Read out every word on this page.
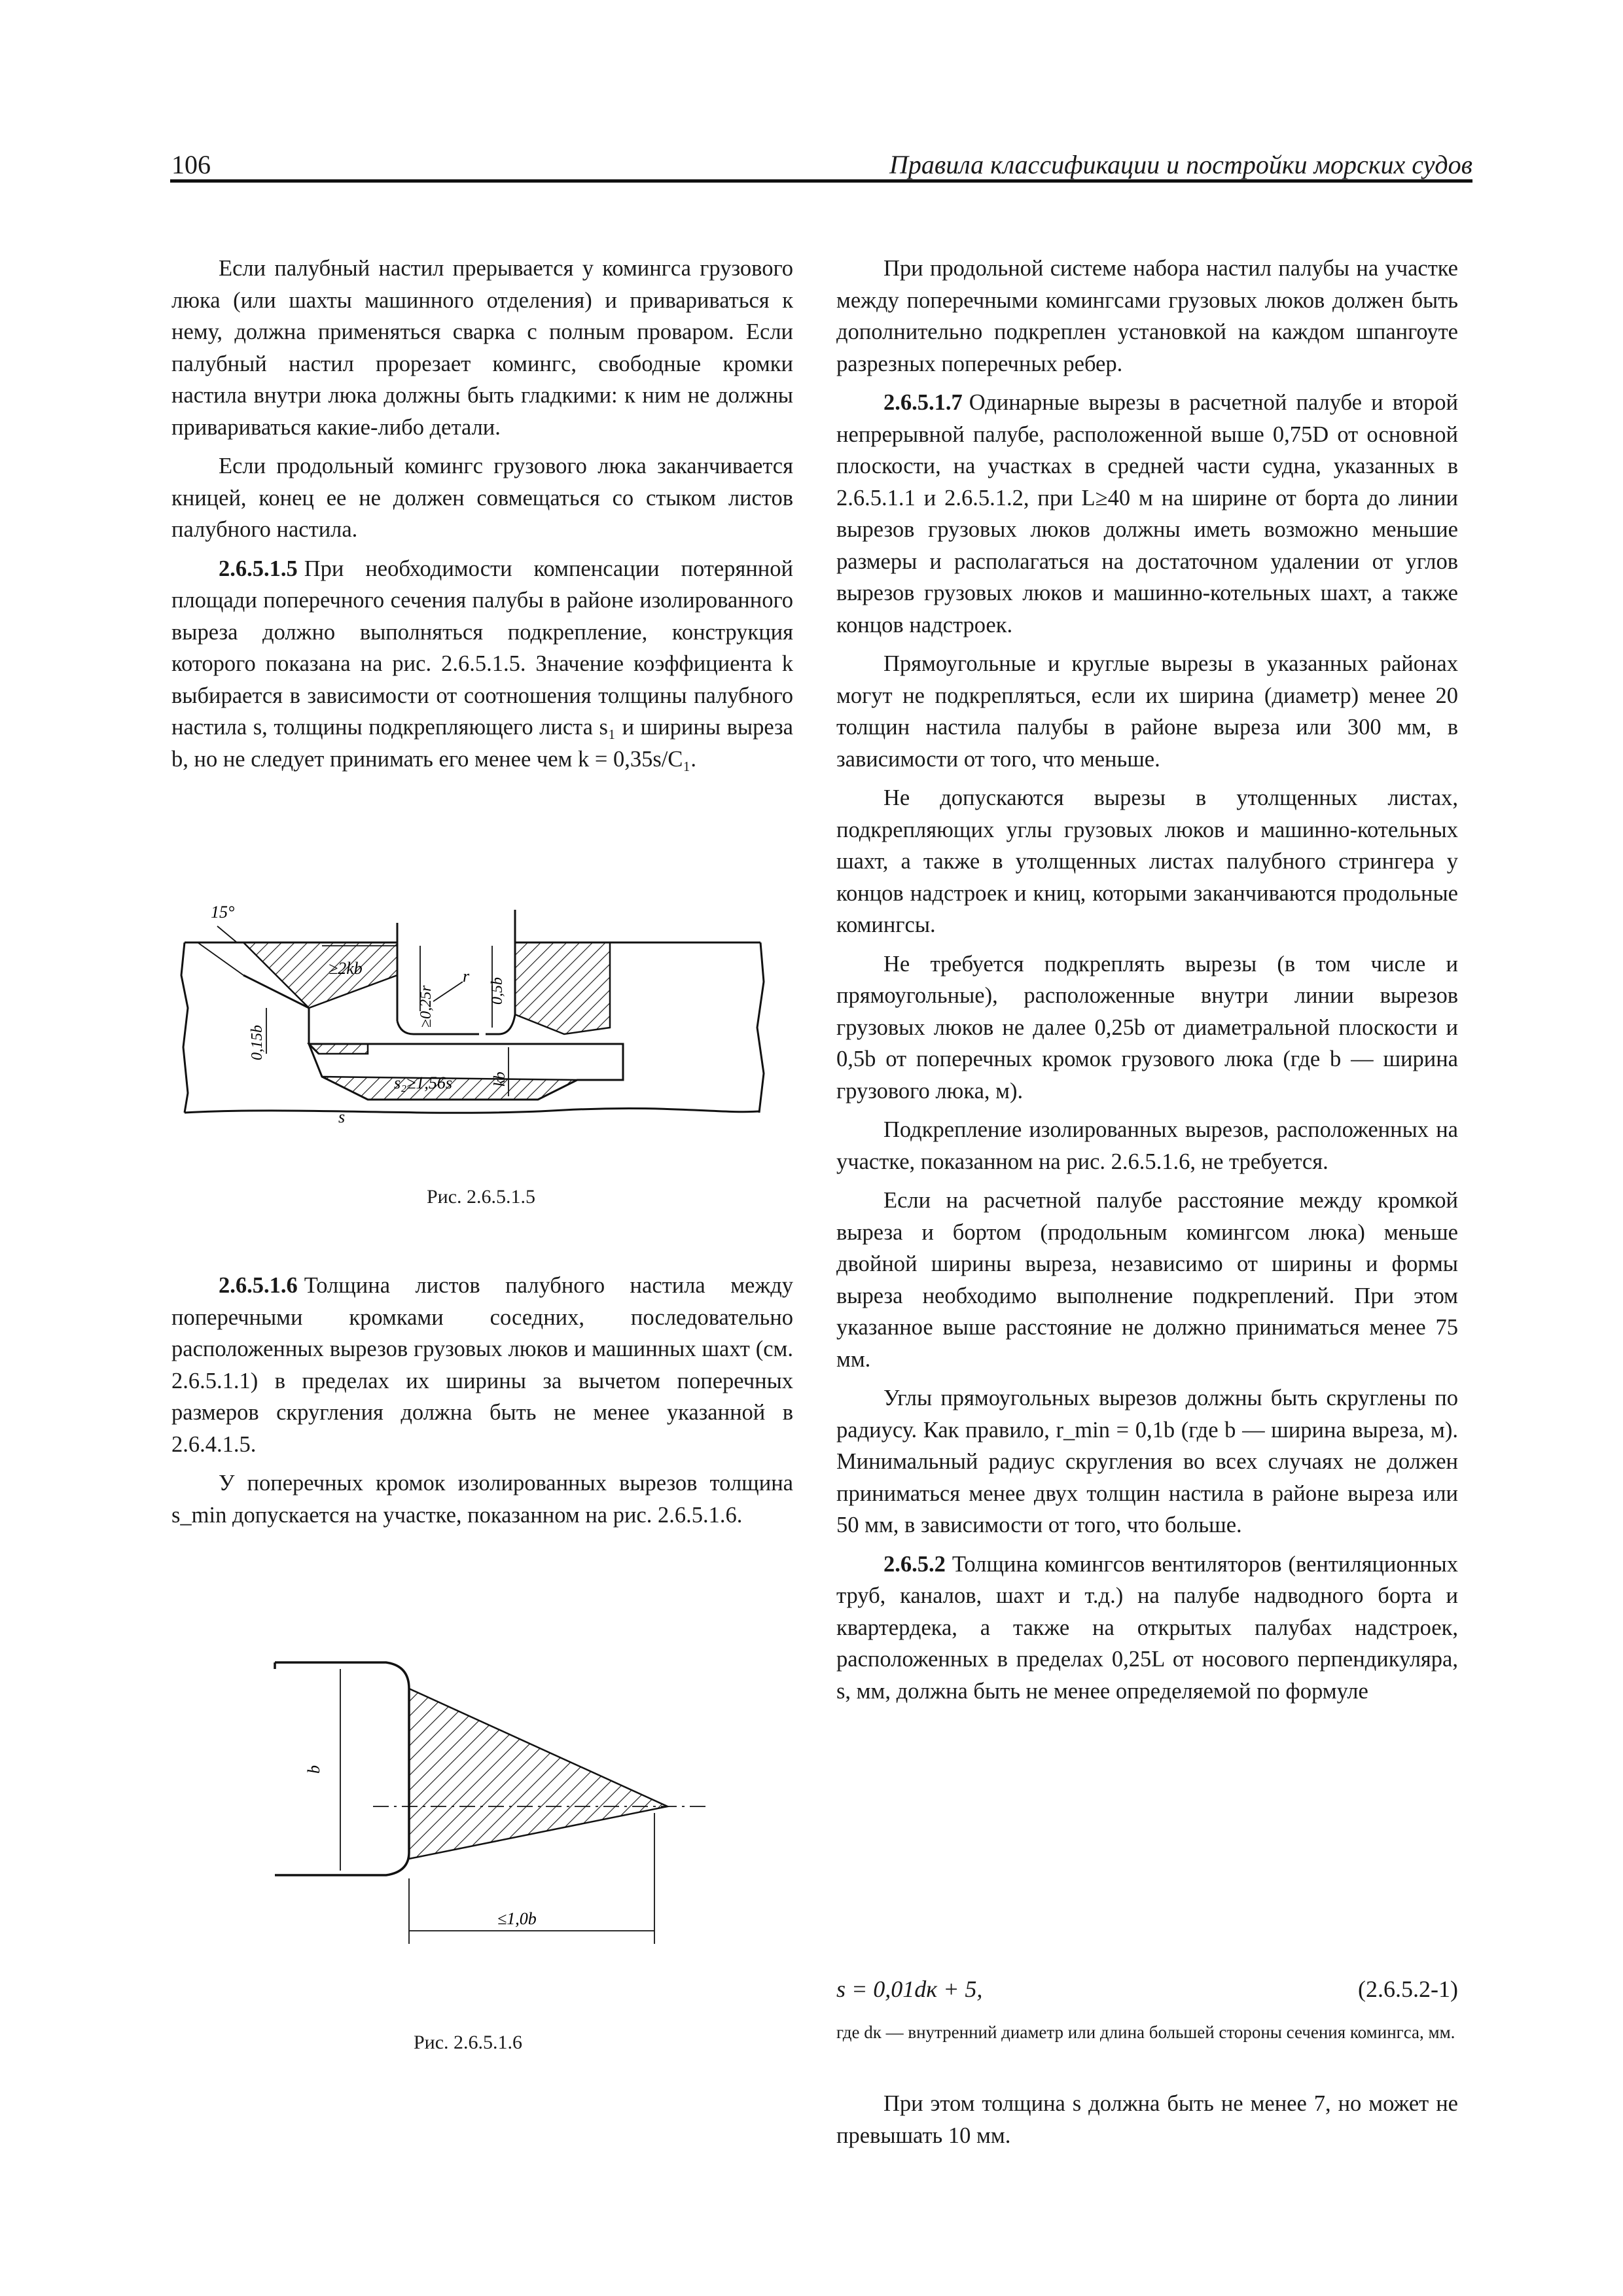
106	Правила классификации и постройки морских судов

Если палубный настил прерывается у комингса грузового люка (или шахты машинного отделения) и привариваться к нему, должна применяться сварка с полным проваром. Если палубный настил прорезает комингс, свободные кромки настила внутри люка должны быть гладкими: к ним не должны привариваться какие-либо детали.

Если продольный комингс грузового люка заканчивается кницей, конец ее не должен совмещаться со стыком листов палубного настила.

2.6.5.1.5 При необходимости компенсации потерянной площади поперечного сечения палубы в районе изолированного выреза должно выполняться подкрепление, конструкция которого показана на рис. 2.6.5.1.5. Значение коэффициента k выбирается в зависимости от соотношения толщины палубного настила s, толщины подкрепляющего листа s₁ и ширины выреза b, но не следует принимать его менее чем k = 0,35s/C₁.

15°
≥2kb
≥0,25r
r
0,5b
0,15b
s₂≥1,56s kb
s
Рис. 2.6.5.1.5

2.6.5.1.6 Толщина листов палубного настила между поперечными кромками соседних, последовательно расположенных вырезов грузовых люков и машинных шахт (см. 2.6.5.1.1) в пределах их ширины за вычетом поперечных размеров скругления должна быть не менее указанной в 2.6.4.1.5.

У поперечных кромок изолированных вырезов толщина s_min допускается на участке, показанном на рис. 2.6.5.1.6.

b
≤1,0b
Рис. 2.6.5.1.6

При продольной системе набора настил палубы на участке между поперечными комингсами грузовых люков должен быть дополнительно подкреплен установкой на каждом шпангоуте разрезных поперечных ребер.

2.6.5.1.7 Одинарные вырезы в расчетной палубе и второй непрерывной палубе, расположенной выше 0,75D от основной плоскости, на участках в средней части судна, указанных в 2.6.5.1.1 и 2.6.5.1.2, при L≥40 м на ширине от борта до линии вырезов грузовых люков должны иметь возможно меньшие размеры и располагаться на достаточном удалении от углов вырезов грузовых люков и машинно-котельных шахт, а также концов надстроек.

Прямоугольные и круглые вырезы в указанных районах могут не подкрепляться, если их ширина (диаметр) менее 20 толщин настила палубы в районе выреза или 300 мм, в зависимости от того, что меньше.

Не допускаются вырезы в утолщенных листах, подкрепляющих углы грузовых люков и машинно-котельных шахт, а также в утолщенных листах палубного стрингера у концов надстроек и книц, которыми заканчиваются продольные комингсы.

Не требуется подкреплять вырезы (в том числе и прямоугольные), расположенные внутри линии вырезов грузовых люков не далее 0,25b от диаметральной плоскости и 0,5b от поперечных кромок грузового люка (где b — ширина грузового люка, м).

Подкрепление изолированных вырезов, расположенных на участке, показанном на рис. 2.6.5.1.6, не требуется.

Если на расчетной палубе расстояние между кромкой выреза и бортом (продольным комингсом люка) меньше двойной ширины выреза, независимо от ширины и формы выреза необходимо выполнение подкреплений. При этом указанное выше расстояние не должно приниматься менее 75 мм.

Углы прямоугольных вырезов должны быть скруглены по радиусу. Как правило, r_min = 0,1b (где b — ширина выреза, м). Минимальный радиус скругления во всех случаях не должен приниматься менее двух толщин настила в районе выреза или 50 мм, в зависимости от того, что больше.

2.6.5.2 Толщина комингсов вентиляторов (вентиляционных труб, каналов, шахт и т.д.) на палубе надводного борта и квартердека, а также на открытых палубах надстроек, расположенных в пределах 0,25L от носового перпендикуляра, s, мм, должна быть не менее определяемой по формуле

s = 0,01dк + 5,	(2.6.5.2-1)
где dк — внутренний диаметр или длина большей стороны сечения комингса, мм.

При этом толщина s должна быть не менее 7, но может не превышать 10 мм.
